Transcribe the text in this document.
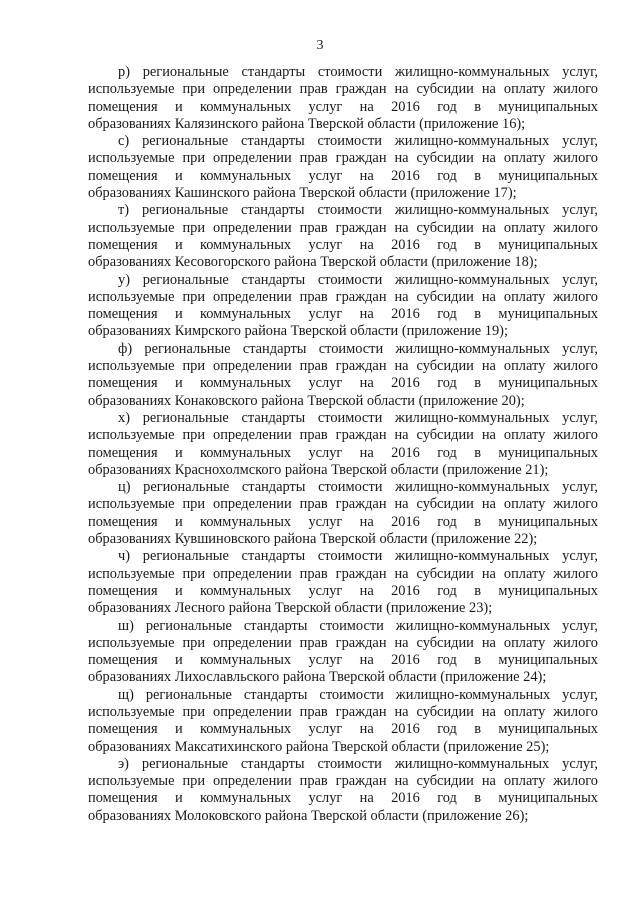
3

р) региональные стандарты стоимости жилищно-коммунальных услуг,
используемые при определении прав граждан на субсидии на оплату жилого
помещения и коммунальных услуг на 2016 год в муниципальных
образованиях Калязинского района Тверской области (приложение 16);

с) региональные стандарты стоимости жилищно-коммунальных услуг,
используемые при определении прав граждан на субсидии на оплату жилого
помещения и коммунальных услуг на 2016 год в муниципальных
образованиях Кашинского района Тверской области (приложение 17);

т) региональные стандарты стоимости жилищно-коммунальных услуг,
используемые при определении прав граждан на субсидии на оплату жилого
помещения и коммунальных услуг на 2016 год в муниципальных
образованиях Кесовогорского района Тверской области (приложение 18);

у) региональные стандарты стоимости жилищно-коммунальных услуг,
используемые при определении прав граждан на субсидии на оплату жилого
помещения и коммунальных услуг на 2016 год в муниципальных
образованиях Кимрского района Тверской области (приложение 19);

ф) региональные стандарты стоимости жилищно-коммунальных услуг,
используемые при определении прав граждан на субсидии на оплату жилого
помещения и коммунальных услуг на 2016 год в муниципальных
образованиях Конаковского района Тверской области (приложение 20);

х) региональные стандарты стоимости жилищно-коммунальных услуг,
используемые при определении прав граждан на субсидии на оплату жилого
помещения и коммунальных услуг на 2016 год в муниципальных
образованиях Краснохолмского района Тверской области (приложение 21);

ц) региональные стандарты стоимости жилищно-коммунальных услуг,
используемые при определении прав граждан на субсидии на оплату жилого
помещения и коммунальных услуг на 2016 год в муниципальных
образованиях Кувшиновского района Тверской области (приложение 22);

ч) региональные стандарты стоимости жилищно-коммунальных услуг,
используемые при определении прав граждан на субсидии на оплату жилого
помещения и коммунальных услуг на 2016 год в муниципальных
образованиях Лесного района Тверской области (приложение 23);

ш) региональные стандарты стоимости жилищно-коммунальных услуг,
используемые при определении прав граждан на субсидии на оплату жилого
помещения и коммунальных услуг на 2016 год в муниципальных
образованиях Лихославльского района Тверской области (приложение 24);

щ) региональные стандарты стоимости жилищно-коммунальных услуг,
используемые при определении прав граждан на субсидии на оплату жилого
помещения и коммунальных услуг на 2016 год в муниципальных
образованиях Максатихинского района Тверской области (приложение 25);

э) региональные стандарты стоимости жилищно-коммунальных услуг,
используемые при определении прав граждан на субсидии на оплату жилого
помещения и коммунальных услуг на 2016 год в муниципальных
образованиях Молоковского района Тверской области (приложение 26);
